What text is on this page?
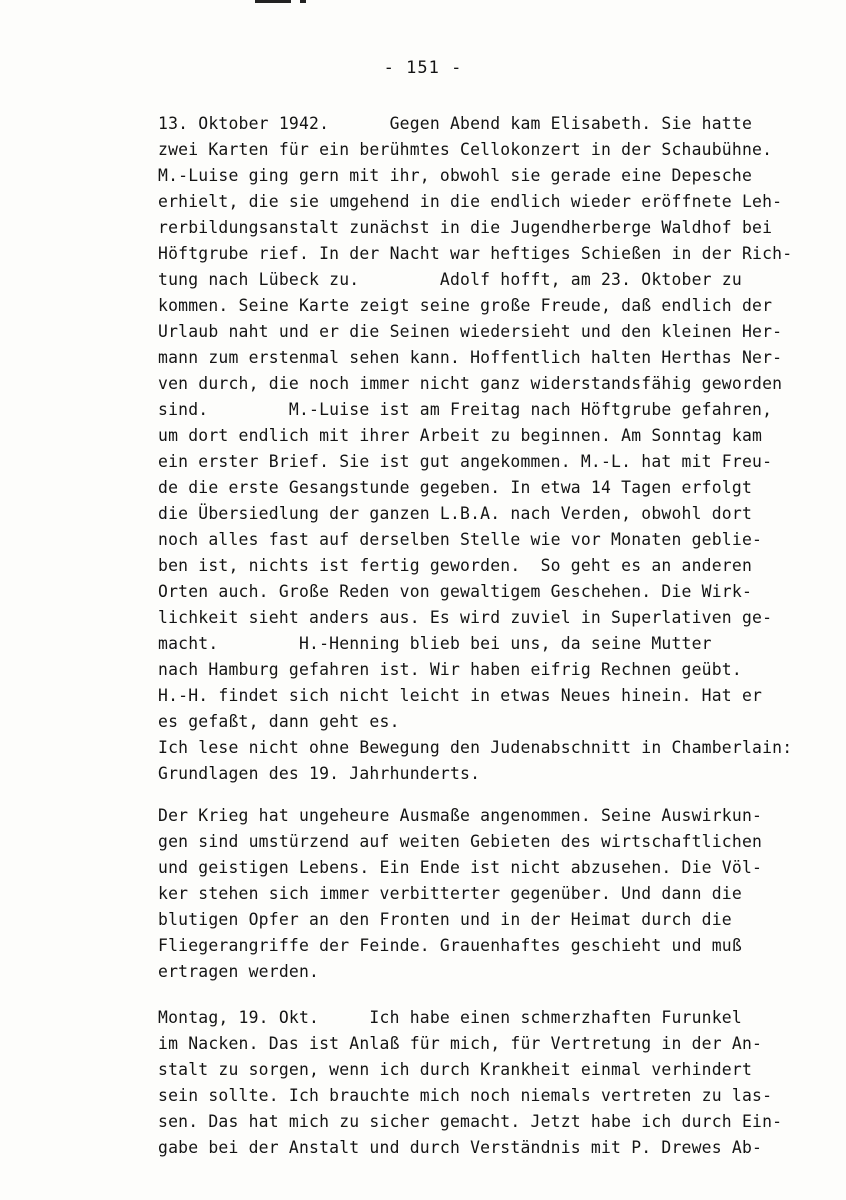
- 151 -
13. Oktober 1942.      Gegen Abend kam Elisabeth. Sie hatte
zwei Karten für ein berühmtes Cellokonzert in der Schaubühne.
M.-Luise ging gern mit ihr, obwohl sie gerade eine Depesche
erhielt, die sie umgehend in die endlich wieder eröffnete Leh-
rerbildungsanstalt zunächst in die Jugendherberge Waldhof bei
Höftgrube rief. In der Nacht war heftiges Schießen in der Rich-
tung nach Lübeck zu.        Adolf hofft, am 23. Oktober zu
kommen. Seine Karte zeigt seine große Freude, daß endlich der
Urlaub naht und er die Seinen wiedersieht und den kleinen Her-
mann zum erstenmal sehen kann. Hoffentlich halten Herthas Ner-
ven durch, die noch immer nicht ganz widerstandsfähig geworden
sind.        M.-Luise ist am Freitag nach Höftgrube gefahren,
um dort endlich mit ihrer Arbeit zu beginnen. Am Sonntag kam
ein erster Brief. Sie ist gut angekommen. M.-L. hat mit Freu-
de die erste Gesangstunde gegeben. In etwa 14 Tagen erfolgt
die Übersiedlung der ganzen L.B.A. nach Verden, obwohl dort
noch alles fast auf derselben Stelle wie vor Monaten geblie-
ben ist, nichts ist fertig geworden.  So geht es an anderen
Orten auch. Große Reden von gewaltigem Geschehen. Die Wirk-
lichkeit sieht anders aus. Es wird zuviel in Superlativen ge-
macht.        H.-Henning blieb bei uns, da seine Mutter
nach Hamburg gefahren ist. Wir haben eifrig Rechnen geübt.
H.-H. findet sich nicht leicht in etwas Neues hinein. Hat er
es gefaßt, dann geht es.
Ich lese nicht ohne Bewegung den Judenabschnitt in Chamberlain:
Grundlagen des 19. Jahrhunderts.
Der Krieg hat ungeheure Ausmaße angenommen. Seine Auswirkun-
gen sind umstürzend auf weiten Gebieten des wirtschaftlichen
und geistigen Lebens. Ein Ende ist nicht abzusehen. Die Völ-
ker stehen sich immer verbitterter gegenüber. Und dann die
blutigen Opfer an den Fronten und in der Heimat durch die
Fliegerangriffe der Feinde. Grauenhaftes geschieht und muß
ertragen werden.
Montag, 19. Okt.     Ich habe einen schmerzhaften Furunkel
im Nacken. Das ist Anlaß für mich, für Vertretung in der An-
stalt zu sorgen, wenn ich durch Krankheit einmal verhindert
sein sollte. Ich brauchte mich noch niemals vertreten zu las-
sen. Das hat mich zu sicher gemacht. Jetzt habe ich durch Ein-
gabe bei der Anstalt und durch Verständnis mit P. Drewes Ab-
